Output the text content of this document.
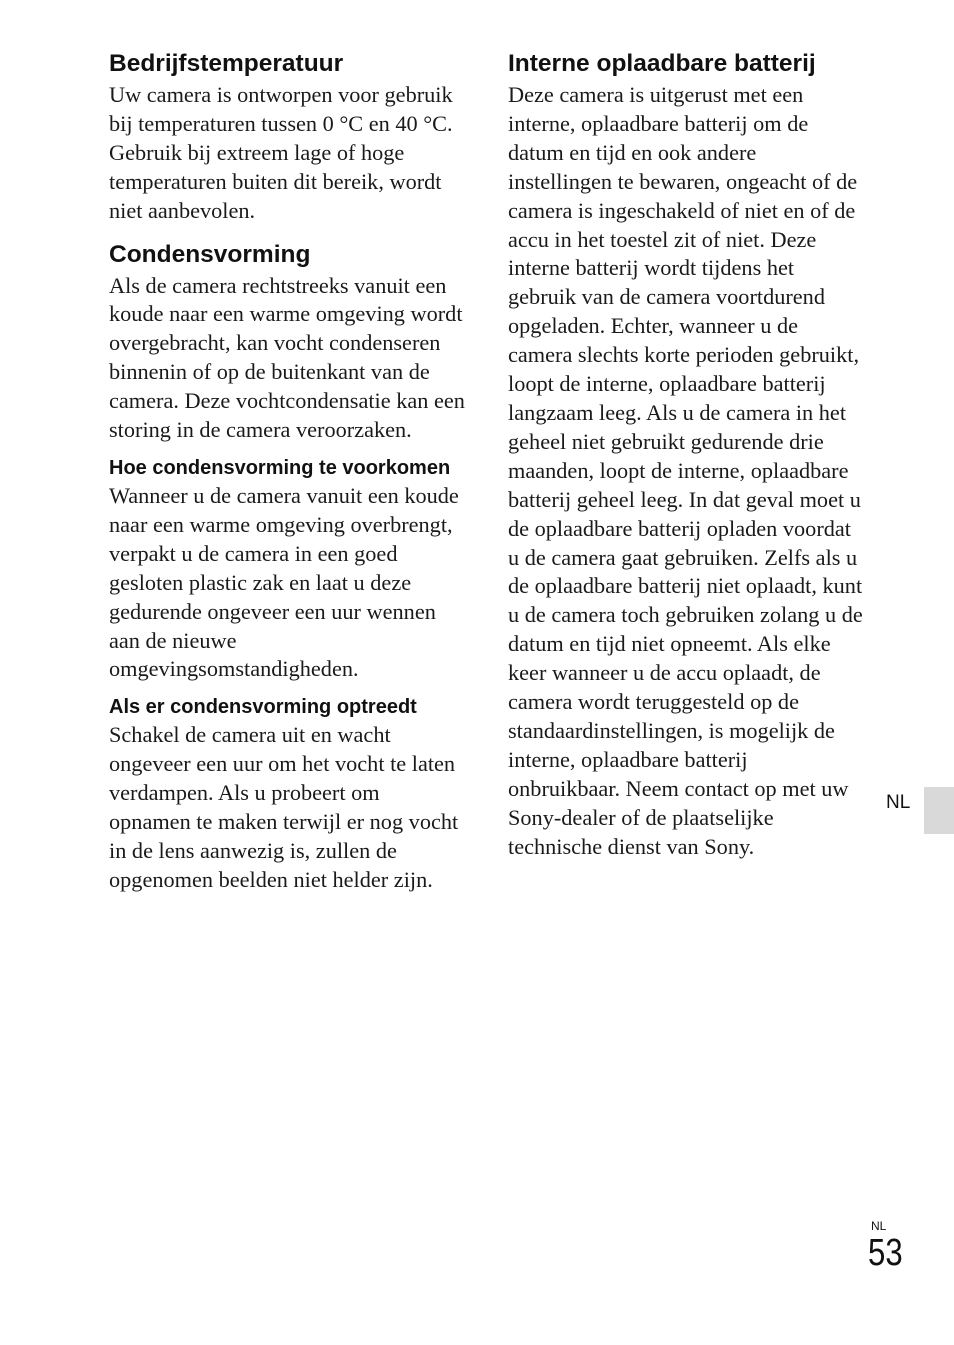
Bedrijfstemperatuur

Uw camera is ontworpen voor gebruik bij temperaturen tussen 0 °C en 40 °C. Gebruik bij extreem lage of hoge temperaturen buiten dit bereik, wordt niet aanbevolen.

Condensvorming

Als de camera rechtstreeks vanuit een koude naar een warme omgeving wordt overgebracht, kan vocht condenseren binnenin of op de buitenkant van de camera. Deze vochtcondensatie kan een storing in de camera veroorzaken.

Hoe condensvorming te voorkomen

Wanneer u de camera vanuit een koude naar een warme omgeving overbrengt, verpakt u de camera in een goed gesloten plastic zak en laat u deze gedurende ongeveer een uur wennen aan de nieuwe omgevingsomstandigheden.

Als er condensvorming optreedt

Schakel de camera uit en wacht ongeveer een uur om het vocht te laten verdampen. Als u probeert om opnamen te maken terwijl er nog vocht in de lens aanwezig is, zullen de opgenomen beelden niet helder zijn.

Interne oplaadbare batterij

Deze camera is uitgerust met een interne, oplaadbare batterij om de datum en tijd en ook andere instellingen te bewaren, ongeacht of de camera is ingeschakeld of niet en of de accu in het toestel zit of niet. Deze interne batterij wordt tijdens het gebruik van de camera voortdurend opgeladen. Echter, wanneer u de camera slechts korte perioden gebruikt, loopt de interne, oplaadbare batterij langzaam leeg. Als u de camera in het geheel niet gebruikt gedurende drie maanden, loopt de interne, oplaadbare batterij geheel leeg. In dat geval moet u de oplaadbare batterij opladen voordat u de camera gaat gebruiken. Zelfs als u de oplaadbare batterij niet oplaadt, kunt u de camera toch gebruiken zolang u de datum en tijd niet opneemt. Als elke keer wanneer u de accu oplaadt, de camera wordt teruggesteld op de standaardinstellingen, is mogelijk de interne, oplaadbare batterij onbruikbaar. Neem contact op met uw Sony-dealer of de plaatselijke technische dienst van Sony.

NL
NL
53
